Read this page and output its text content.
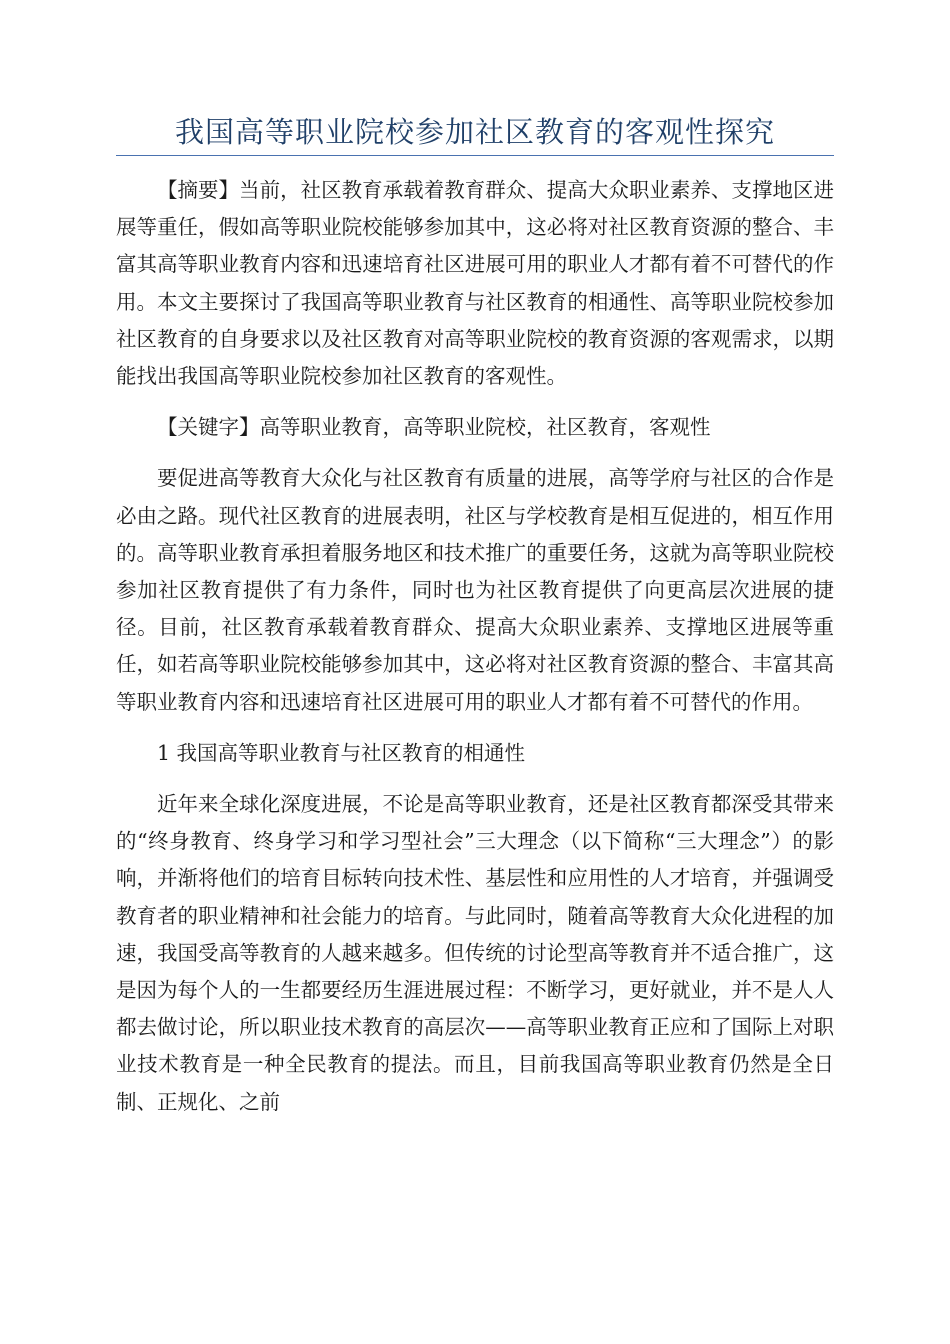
我国高等职业院校参加社区教育的客观性探究

【摘要】当前，社区教育承载着教育群众、提高大众职业素养、支撑地区进展等重任，假如高等职业院校能够参加其中，这必将对社区教育资源的整合、丰富其高等职业教育内容和迅速培育社区进展可用的职业人才都有着不可替代的作用。本文主要探讨了我国高等职业教育与社区教育的相通性、高等职业院校参加社区教育的自身要求以及社区教育对高等职业院校的教育资源的客观需求，以期能找出我国高等职业院校参加社区教育的客观性。

【关键字】高等职业教育，高等职业院校，社区教育，客观性

要促进高等教育大众化与社区教育有质量的进展，高等学府与社区的合作是必由之路。现代社区教育的进展表明，社区与学校教育是相互促进的，相互作用的。高等职业教育承担着服务地区和技术推广的重要任务，这就为高等职业院校参加社区教育提供了有力条件，同时也为社区教育提供了向更高层次进展的捷径。目前，社区教育承载着教育群众、提高大众职业素养、支撑地区进展等重任，如若高等职业院校能够参加其中，这必将对社区教育资源的整合、丰富其高等职业教育内容和迅速培育社区进展可用的职业人才都有着不可替代的作用。

1 我国高等职业教育与社区教育的相通性

近年来全球化深度进展，不论是高等职业教育，还是社区教育都深受其带来的“终身教育、终身学习和学习型社会”三大理念（以下简称“三大理念”）的影响，并渐将他们的培育目标转向技术性、基层性和应用性的人才培育，并强调受教育者的职业精神和社会能力的培育。与此同时，随着高等教育大众化进程的加速，我国受高等教育的人越来越多。但传统的讨论型高等教育并不适合推广，这是因为每个人的一生都要经历生涯进展过程：不断学习，更好就业，并不是人人都去做讨论，所以职业技术教育的高层次——高等职业教育正应和了国际上对职业技术教育是一种全民教育的提法。而且，目前我国高等职业教育仍然是全日制、正规化、之前
